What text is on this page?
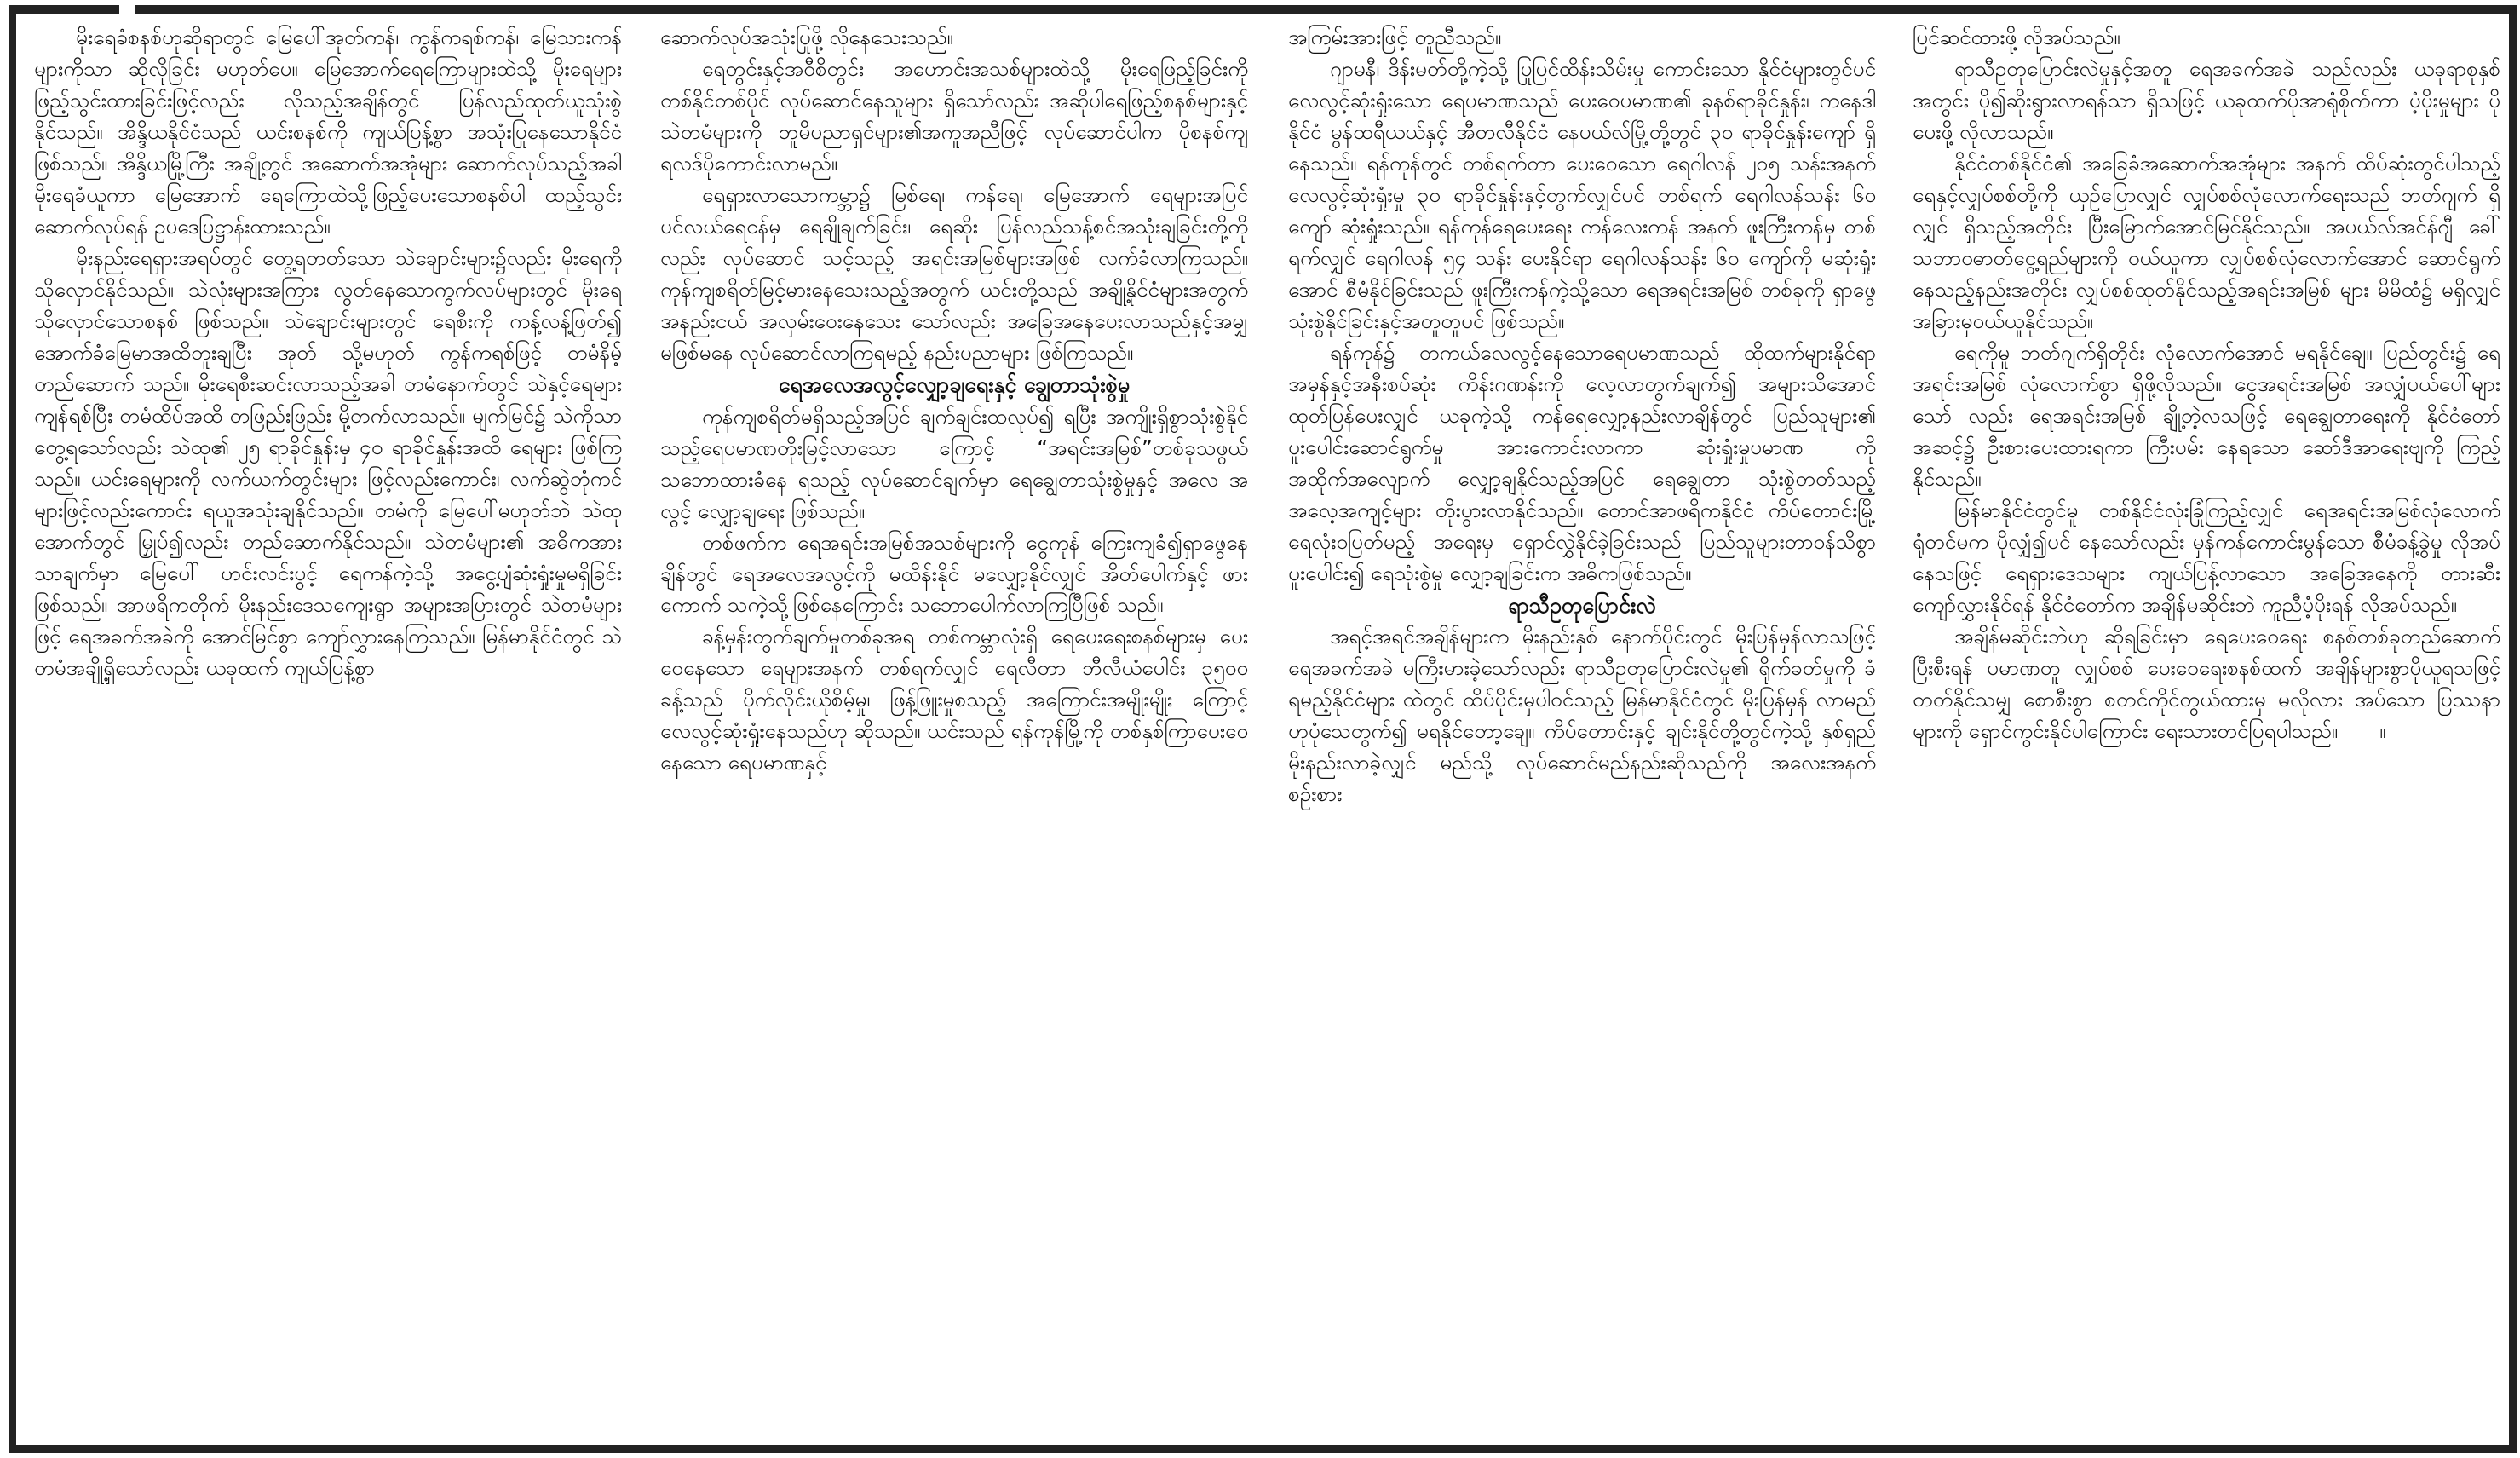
မိုးရေခံစနစ်ဟုဆိုရာတွင် မြေပေါ်အုတ်ကန်၊ ကွန်ကရစ်ကန်၊ မြေသားကန်များကိုသာ ဆိုလိုခြင်း မဟုတ်ပေ။ မြေအောက်ရေကြောများထဲသို့ မိုးရေများ ဖြည့်သွင်းထားခြင်းဖြင့်လည်း လိုသည့်အချိန်တွင် ပြန်လည်ထုတ်ယူသုံးစွဲနိုင်သည်။ အိန္ဒိယနိုင်ငံသည် ယင်းစနစ်ကို ကျယ်ပြန့်စွာ အသုံးပြုနေသောနိုင်ငံ ဖြစ်သည်။ အိန္ဒိယမြို့ကြီး အချို့တွင် အဆောက်အအုံများ ဆောက်လုပ်သည့်အခါ မိုးရေခံယူကာ မြေအောက် ရေကြောထဲသို့ဖြည့်ပေးသောစနစ်ပါ ထည့်သွင်း ဆောက်လုပ်ရန် ဥပဒေပြဋ္ဌာန်းထားသည်။

မိုးနည်းရေရှားအရပ်တွင် တွေ့ရတတ်သော သဲချောင်းများ၌လည်း မိုးရေကိုသိုလှောင်နိုင်သည်။ သဲလုံးများအကြား လွတ်နေသောကွက်လပ်များတွင် မိုးရေသိုလှောင်သောစနစ် ဖြစ်သည်။ သဲချောင်းများတွင် ရေစီးကို ကန့်လန့်ဖြတ်၍ အောက်ခံမြေမာအထိတူးချပြီး အုတ် သို့မဟုတ် ကွန်ကရစ်ဖြင့် တမံနိမ့်တည်ဆောက် သည်။ မိုးရေစီးဆင်းလာသည့်အခါ တမံနောက်တွင် သဲနှင့်ရေများ ကျန်ရစ်ပြီး တမံထိပ်အထိ တဖြည်းဖြည်း မို့တက်လာသည်။ မျက်မြင်၌ သဲကိုသာ တွေ့ရသော်လည်း သဲထု၏ ၂၅ ရာခိုင်နှုန်းမှ ၄၀ ရာခိုင်နှုန်းအထိ ရေများ ဖြစ်ကြသည်။ ယင်းရေများကို လက်ယက်တွင်းများ ဖြင့်လည်းကောင်း၊ လက်ဆွဲတုံကင်များဖြင့်လည်းကောင်း ရယူအသုံးချနိုင်သည်။ တမံကို မြေပေါ်မဟုတ်ဘဲ သဲထု အောက်တွင် မြှုပ်၍လည်း တည်ဆောက်နိုင်သည်။ သဲတမံများ၏ အဓိကအားသာချက်မှာ မြေပေါ် ဟင်းလင်းပွင့် ရေကန်ကဲ့သို့ အငွေ့ပျံဆုံးရှုံးမှုမရှိခြင်း ဖြစ်သည်။ အာဖရိကတိုက် မိုးနည်းဒေသကျေးရွာ အများအပြားတွင် သဲတမံများဖြင့် ရေအခက်အခဲကို အောင်မြင်စွာ ကျော်လွှားနေကြသည်။ မြန်မာနိုင်ငံတွင် သဲတမံအချို့ရှိသော်လည်း ယခုထက် ကျယ်ပြန့်စွာ

ဆောက်လုပ်အသုံးပြုဖို့ လိုနေသေးသည်။

ရေတွင်းနှင့်အဝီစိတွင်း အဟောင်းအသစ်များထဲသို့ မိုးရေဖြည့်ခြင်းကို တစ်နိုင်တစ်ပိုင် လုပ်ဆောင်နေသူများ ရှိသော်လည်း အဆိုပါရေဖြည့်စနစ်များနှင့် သဲတမံများကို ဘူမိပညာရှင်များ၏အကူအညီဖြင့် လုပ်ဆောင်ပါက ပိုစနစ်ကျ ရလဒ်ပိုကောင်းလာမည်။

ရေရှားလာသောကမ္ဘာ၌ မြစ်ရေ၊ ကန်ရေ၊ မြေအောက် ရေများအပြင် ပင်လယ်ရေငန်မှ ရေချိုချက်ခြင်း၊ ရေဆိုး ပြန်လည်သန့်စင်အသုံးချခြင်းတို့ကိုလည်း လုပ်ဆောင် သင့်သည့် အရင်းအမြစ်များအဖြစ် လက်ခံလာကြသည်။ ကုန်ကျစရိတ်မြင့်မားနေသေးသည့်အတွက် ယင်းတို့သည် အချို့နိုင်ငံများအတွက် အနည်းငယ် အလှမ်းဝေးနေသေး သော်လည်း အခြေအနေပေးလာသည်နှင့်အမျှ မဖြစ်မနေ လုပ်ဆောင်လာကြရမည့် နည်းပညာများ ဖြစ်ကြသည်။

ရေအလေအလွင့်လျှော့ချရေးနှင့် ချွေတာသုံးစွဲမှု

ကုန်ကျစရိတ်မရှိသည့်အပြင် ချက်ချင်းထလုပ်၍ ရပြီး အကျိုးရှိစွာသုံးစွဲနိုင်သည့်ရေပမာဏတိုးမြင့်လာသော ကြောင့် “အရင်းအမြစ်”တစ်ခုသဖွယ် သဘောထားခံနေ ရသည့် လုပ်ဆောင်ချက်မှာ ရေချွေတာသုံးစွဲမှုနှင့် အလေ အလွင့် လျှော့ချရေး ဖြစ်သည်။

တစ်ဖက်က ရေအရင်းအမြစ်အသစ်များကို ငွေကုန် ကြေးကျခံ၍ရှာဖွေနေချိန်တွင် ရေအလေအလွင့်ကို မထိန်းနိုင် မလျှော့နိုင်လျှင် အိတ်ပေါက်နှင့် ဖားကောက် သကဲ့သို့ဖြစ်နေကြောင်း သဘောပေါက်လာကြပြီဖြစ် သည်။

ခန့်မှန်းတွက်ချက်မှုတစ်ခုအရ တစ်ကမ္ဘာလုံးရှိ ရေပေးရေးစနစ်များမှ ပေးဝေနေသော ရေများအနက် တစ်ရက်လျှင် ရေလီတာ ဘီလီယံပေါင်း ၃၅၀၀ ခန့်သည် ပိုက်လိုင်းယိုစိမ့်မှု၊ ဖြန့်ဖြူးမှုစသည့် အကြောင်းအမျိုးမျိုး ကြောင့် လေလွင့်ဆုံးရှုံးနေသည်ဟု ဆိုသည်။ ယင်းသည် ရန်ကုန်မြို့ကို တစ်နှစ်ကြာပေးဝေနေသော ရေပမာဏနှင့်

အကြမ်းအားဖြင့် တူညီသည်။

ဂျာမနီ၊ ဒိန်းမတ်တို့ကဲ့သို့ ပြုပြင်ထိန်းသိမ်းမှု ကောင်းသော နိုင်ငံများတွင်ပင် လေလွင့်ဆုံးရှုံးသော ရေပမာဏသည် ပေးဝေပမာဏ၏ ခုနစ်ရာခိုင်နှုန်း၊ ကနေဒါ နိုင်ငံ မွန်ထရီယယ်နှင့် အီတလီနိုင်ငံ နေပယ်လ်မြို့တို့တွင် ၃၀ ရာခိုင်နှုန်းကျော် ရှိနေသည်။ ရန်ကုန်တွင် တစ်ရက်တာ ပေးဝေသော ရေဂါလန် ၂၀၅ သန်းအနက် လေလွင့်ဆုံးရှုံးမှု ၃၀ ရာခိုင်နှုန်းနှင့်တွက်လျှင်ပင် တစ်ရက် ရေဂါလန်သန်း ၆၀ ကျော် ဆုံးရှုံးသည်။ ရန်ကုန်ရေပေးရေး ကန်လေးကန် အနက် ဖူးကြီးကန်မှ တစ်ရက်လျှင် ရေဂါလန် ၅၄ သန်း ပေးနိုင်ရာ ရေဂါလန်သန်း ၆၀ ကျော်ကို မဆုံးရှုံးအောင် စီမံနိုင်ခြင်းသည် ဖူးကြီးကန်ကဲ့သို့သော ရေအရင်းအမြစ် တစ်ခုကို ရှာဖွေသုံးစွဲနိုင်ခြင်းနှင့်အတူတူပင် ဖြစ်သည်။

ရန်ကုန်၌ တကယ်လေလွင့်နေသောရေပမာဏသည် ထိုထက်များနိုင်ရာ အမှန်နှင့်အနီးစပ်ဆုံး ကိန်းဂဏန်းကို လေ့လာတွက်ချက်၍ အများသိအောင် ထုတ်ပြန်ပေးလျှင် ယခုကဲ့သို့ ကန်ရေလျှော့နည်းလာချိန်တွင် ပြည်သူများ၏ ပူးပေါင်းဆောင်ရွက်မှု အားကောင်းလာကာ ဆုံးရှုံးမှုပမာဏ ကို အထိုက်အလျောက် လျှော့ချနိုင်သည့်အပြင် ရေချွေတာ သုံးစွဲတတ်သည့် အလေ့အကျင့်များ တိုးပွားလာနိုင်သည်။ တောင်အာဖရိကနိုင်ငံ ကိပ်တောင်းမြို့ ရေလုံးဝပြတ်မည့် အရေးမှ ရှောင်လွှဲနိုင်ခဲ့ခြင်းသည် ပြည်သူများတာဝန်သိစွာ ပူးပေါင်း၍ ရေသုံးစွဲမှု လျှော့ချခြင်းက အဓိကဖြစ်သည်။

ရာသီဥတုပြောင်းလဲ

အရင့်အရင်အချိန်များက မိုးနည်းနှစ် နောက်ပိုင်းတွင် မိုးပြန်မှန်လာသဖြင့် ရေအခက်အခဲ မကြီးမားခဲ့သော်လည်း ရာသီဥတုပြောင်းလဲမှု၏ ရိုက်ခတ်မှုကို ခံရမည့်နိုင်ငံများ ထဲတွင် ထိပ်ပိုင်းမှပါဝင်သည့် မြန်မာနိုင်ငံတွင် မိုးပြန်မှန် လာမည်ဟုပုံသေတွက်၍ မရနိုင်တော့ချေ။ ကိပ်တောင်းနှင့် ချင်းနိုင်တို့တွင်ကဲ့သို့ နှစ်ရှည်မိုးနည်းလာခဲ့လျှင် မည်သို့ လုပ်ဆောင်မည်နည်းဆိုသည်ကို အလေးအနက် စဉ်းစား

ပြင်ဆင်ထားဖို့ လိုအပ်သည်။

ရာသီဥတုပြောင်းလဲမှုနှင့်အတူ ရေအခက်အခဲ သည်လည်း ယခုရာစုနှစ်အတွင်း ပို၍ဆိုးရွားလာရန်သာ ရှိသဖြင့် ယခုထက်ပိုအာရုံစိုက်ကာ ပံ့ပိုးမှုများ ပိုပေးဖို့ လိုလာသည်။

နိုင်ငံတစ်နိုင်ငံ၏ အခြေခံအဆောက်အအုံများ အနက် ထိပ်ဆုံးတွင်ပါသည့် ရေနှင့်လျှပ်စစ်တို့ကို ယှဉ်ပြောလျှင် လျှပ်စစ်လုံလောက်ရေးသည် ဘတ်ဂျက် ရှိလျှင် ရှိသည့်အတိုင်း ပြီးမြောက်အောင်မြင်နိုင်သည်။ အပယ်လ်အင်န်ဂျီ ခေါ် သဘာဝဓာတ်ငွေ့ရည်များကို ဝယ်ယူကာ လျှပ်စစ်လုံလောက်အောင် ဆောင်ရွက် နေသည့်နည်းအတိုင်း လျှပ်စစ်ထုတ်နိုင်သည့်အရင်းအမြစ် များ မိမိထံ၌ မရှိလျှင် အခြားမှဝယ်ယူနိုင်သည်။

ရေကိုမူ ဘတ်ဂျက်ရှိတိုင်း လုံလောက်အောင် မရနိုင်ချေ။ ပြည်တွင်း၌ ရေအရင်းအမြစ် လုံလောက်စွာ ရှိဖို့လိုသည်။ ငွေအရင်းအမြစ် အလျှံပယ်ပေါ်များသော် လည်း ရေအရင်းအမြစ် ချို့တဲ့လသဖြင့် ရေချွေတာရေးကို နိုင်ငံတော်အဆင့်၌ ဦးစားပေးထားရကာ ကြီးပမ်း နေရသော ဆော်ဒီအာရေးဗျကို ကြည့်နိုင်သည်။

မြန်မာနိုင်ငံတွင်မူ တစ်နိုင်ငံလုံးခြုံကြည့်လျှင် ရေအရင်းအမြစ်လုံလောက်ရုံတင်မက ပိုလျှံ၍ပင် နေသော်လည်း မှန်ကန်ကောင်းမွန်သော စီမံခန့်ခွဲမှု လိုအပ်နေသဖြင့် ရေရှားဒေသများ ကျယ်ပြန့်လာသော အခြေအနေကို တားဆီးကျော်လွှားနိုင်ရန် နိုင်ငံတော်က အချိန်မဆိုင်းဘဲ ကူညီပံ့ပိုးရန် လိုအပ်သည်။

အချိန်မဆိုင်းဘဲဟု ဆိုရခြင်းမှာ ရေပေးဝေရေး စနစ်တစ်ခုတည်ဆောက်ပြီးစီးရန် ပမာဏတူ လျှပ်စစ် ပေးဝေရေးစနစ်ထက် အချိန်များစွာပိုယူရသဖြင့် တတ်နိုင်သမျှ စောစီးစွာ စတင်ကိုင်တွယ်ထားမှ မလိုလား အပ်သော ပြဿနာများကို ရှောင်ကွင်းနိုင်ပါကြောင်း ရေးသားတင်ပြရပါသည်။ ။
